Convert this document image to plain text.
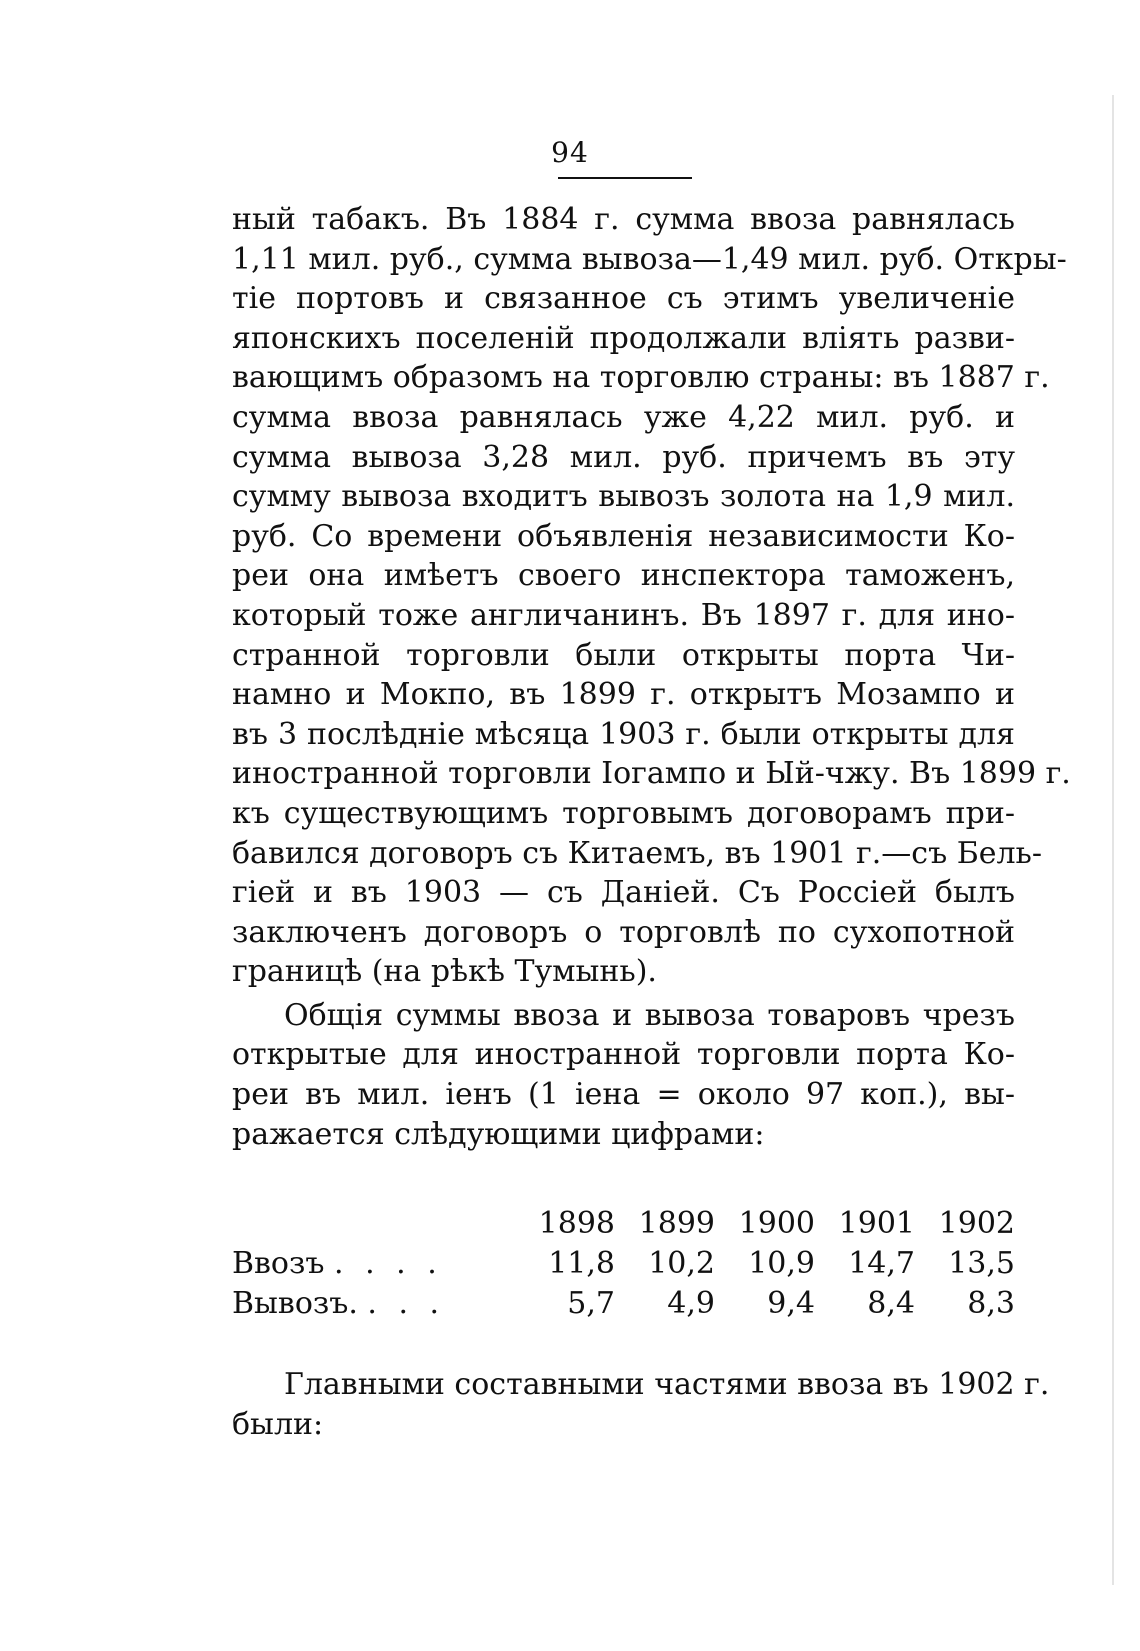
94
ный табакъ. Въ 1884 г. сумма ввоза равнялась
1,11 мил. руб., сумма вывоза—1,49 мил. руб. Откры-
тіе портовъ и связанное съ этимъ увеличеніе
японскихъ поселеній продолжали вліять разви-
вающимъ образомъ на торговлю страны: въ 1887 г.
сумма ввоза равнялась уже 4,22 мил. руб. и
сумма вывоза 3,28 мил. руб. причемъ въ эту
сумму вывоза входитъ вывозъ золота на 1,9 мил.
руб. Со времени объявленія независимости Ко-
реи она имѣетъ своего инспектора таможенъ,
который тоже англичанинъ. Въ 1897 г. для ино-
странной торговли были открыты порта Чи-
намно и Мокпо, въ 1899 г. открытъ Мозампо и
въ 3 послѣдніе мѣсяца 1903 г. были открыты для
иностранной торговли Іогампо и Ый-чжу. Въ 1899 г.
къ существующимъ торговымъ договорамъ при-
бавился договоръ съ Китаемъ, въ 1901 г.—съ Бель-
гіей и въ 1903 — съ Даніей. Съ Россіей былъ
заключенъ договоръ о торговлѣ по сухопотной
границѣ (на рѣкѣ Тумынь).
Общія суммы ввоза и вывоза товаровъ чрезъ
открытые для иностранной торговли порта Ко-
реи въ мил. іенъ (1 іена = около 97 коп.), вы-
ражается слѣдующими цифрами:
	1898	1899	1900	1901	1902
Ввозъ . . . .	11,8	10,2	10,9	14,7	13,5
Вывозъ. . . .	5,7	4,9	9,4	8,4	8,3
Главными составными частями ввоза въ 1902 г.
были:
